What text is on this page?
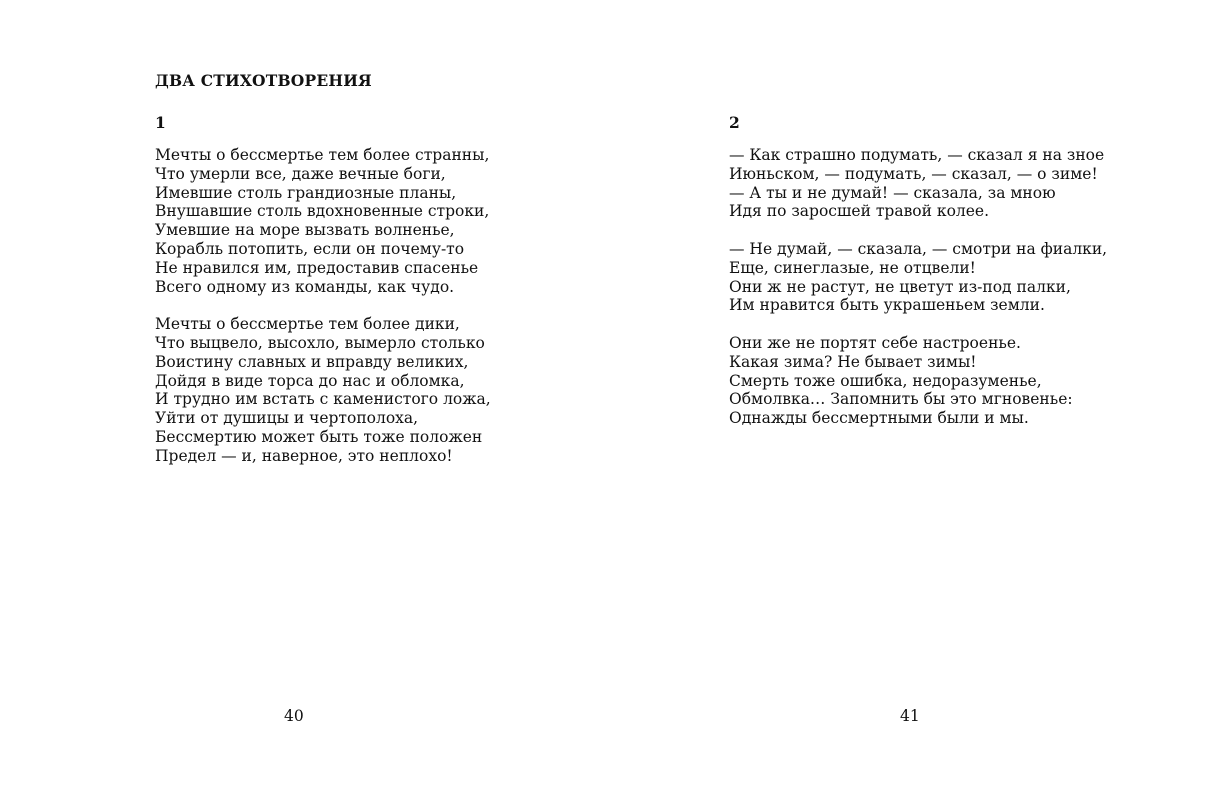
ДВА СТИХОТВОРЕНИЯ
1
Мечты о бессмертье тем более странны,
Что умерли все, даже вечные боги,
Имевшие столь грандиозные планы,
Внушавшие столь вдохновенные строки,
Умевшие на море вызвать волненье,
Корабль потопить, если он почему-то
Не нравился им, предоставив спасенье
Всего одному из команды, как чудо.
Мечты о бессмертье тем более дики,
Что выцвело, высохло, вымерло столько
Воистину славных и вправду великих,
Дойдя в виде торса до нас и обломка,
И трудно им встать с каменистого ложа,
Уйти от душицы и чертополоха,
Бессмертию может быть тоже положен
Предел — и, наверное, это неплохо!
40
2
— Как страшно подумать, — сказал я на зное
Июньском, — подумать, — сказал, — о зиме!
— А ты и не думай! — сказала, за мною
Идя по заросшей травой колее.
— Не думай, — сказала, — смотри на фиалки,
Еще, синеглазые, не отцвели!
Они ж не растут, не цветут из-под палки,
Им нравится быть украшеньем земли.
Они же не портят себе настроенье.
Какая зима? Не бывает зимы!
Смерть тоже ошибка, недоразуменье,
Обмолвка… Запомнить бы это мгновенье:
Однажды бессмертными были и мы.
41
